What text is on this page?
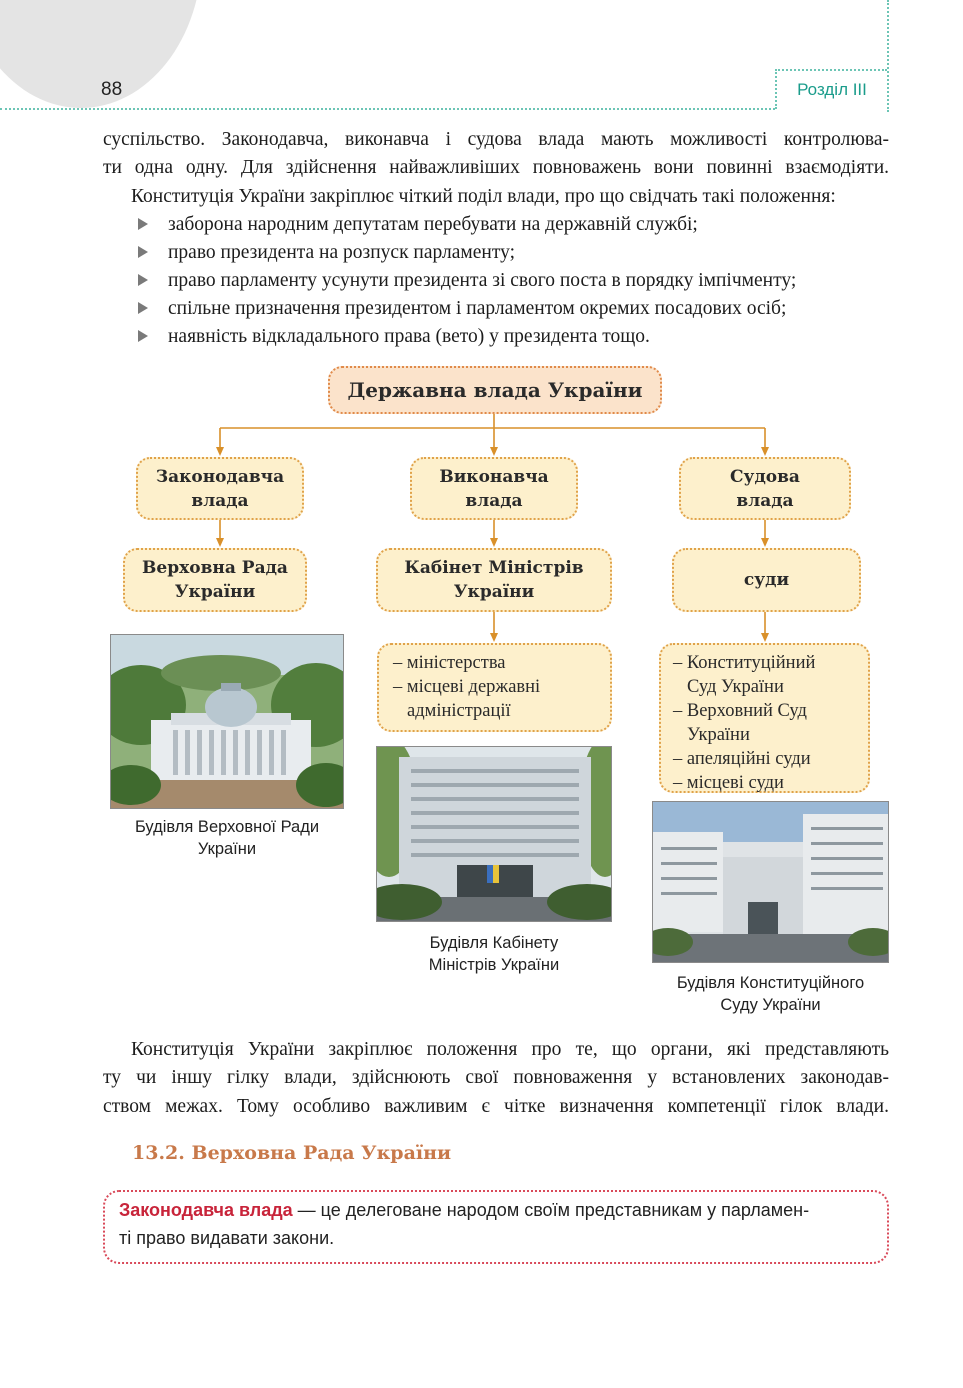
88	Розділ III
суспільство. Законодавча, виконавча і судова влада мають можливості контролюва-
ти одна одну. Для здійснення найважливіших повноважень вони повинні взаємодіяти.
Конституція України закріплює чіткий поділ влади, про що свідчать такі положення:
заборона народним депутатам перебувати на державній службі;
право президента на розпуск парламенту;
право парламенту усунути президента зі свого поста в порядку імпічменту;
спільне призначення президентом і парламентом окремих посадових осіб;
наявність відкладального права (вето) у президента тощо.
Державна влада України
Законодавча
влада
Виконавча
влада
Судова
влада
Верховна Рада
України
Кабінет Міністрів
України
суди
– міністерства
– місцеві державні
адміністрації
– Конституційний
Суд України
– Верховний Суд
України
– апеляційні суди
– місцеві суди
Будівля Верховної Ради
України
Будівля Кабінету
Міністрів України
Будівля Конституційного
Суду України
Конституція України закріплює положення про те, що органи, які представляють
ту чи іншу гілку влади, здійснюють свої повноваження у встановлених законодав-
ством межах. Тому особливо важливим є чітке визначення компетенції гілок влади.
13.2. Верховна Рада України
Законодавча влада — це делеговане народом своїм представникам у парламен-
ті право видавати закони.
